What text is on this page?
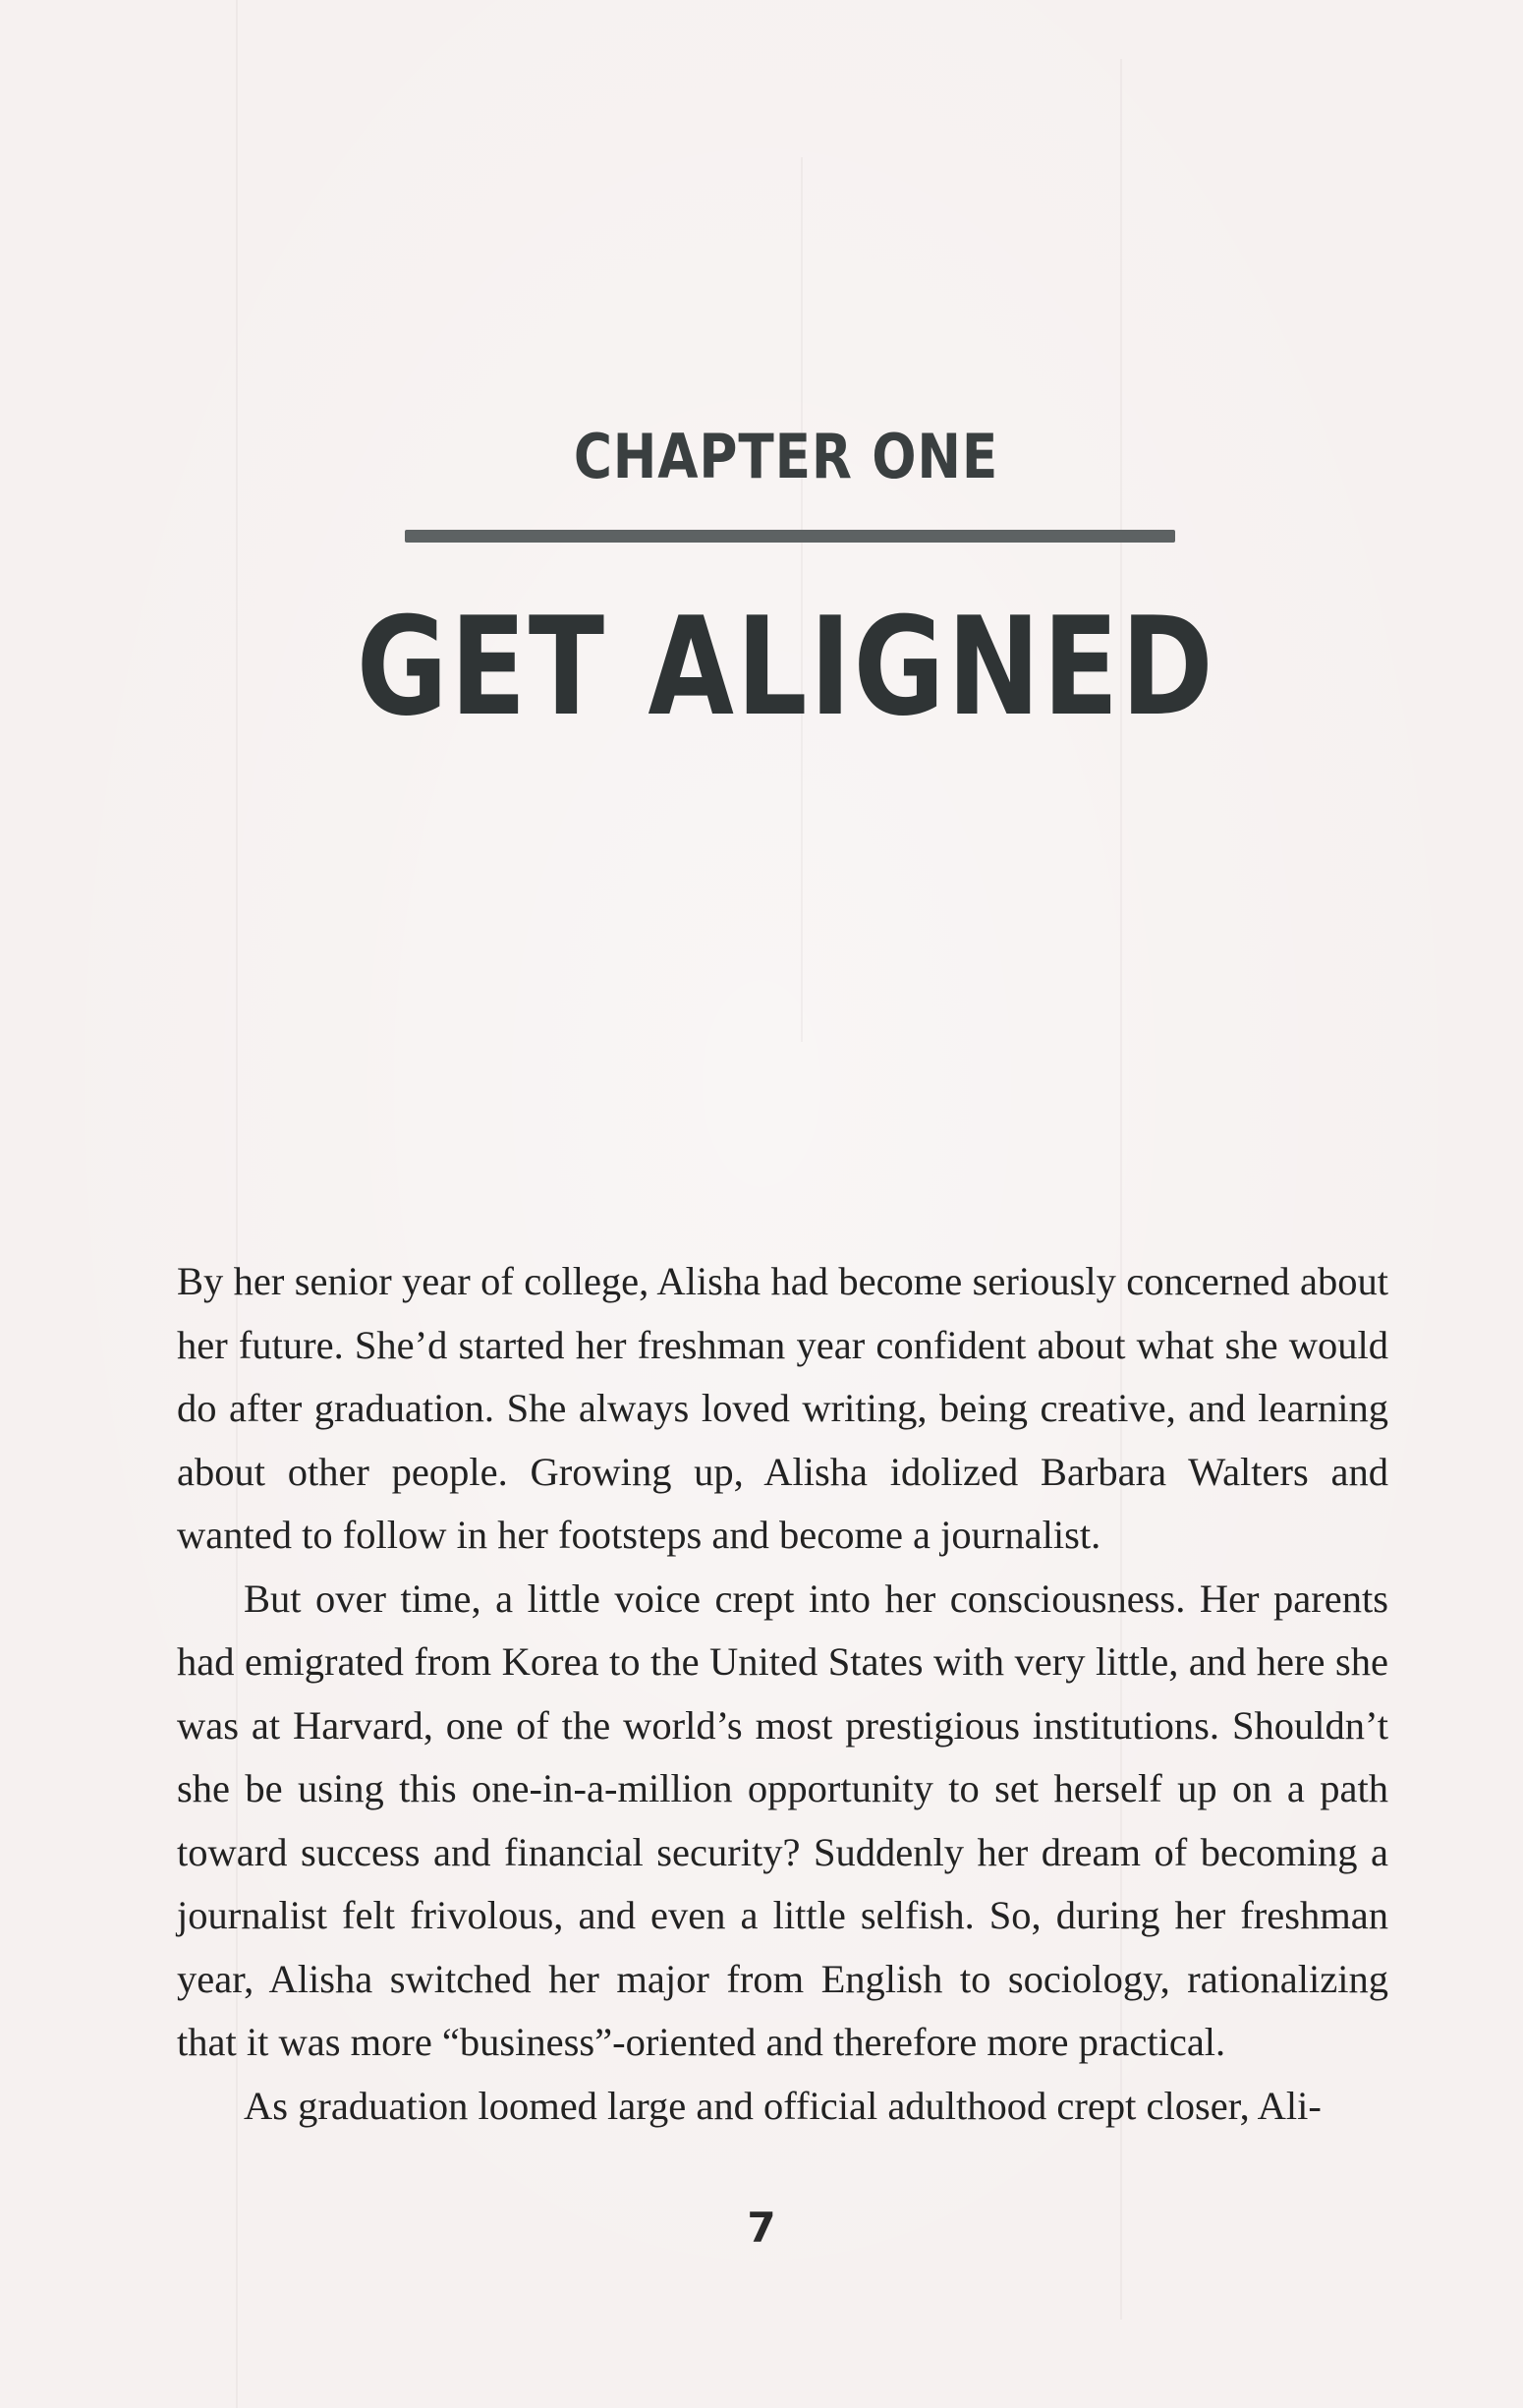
CHAPTER ONE
GET ALIGNED

By her senior year of college, Alisha had become seriously concerned about her future. She’d started her freshman year confident about what she would do after graduation. She always loved writing, being creative, and learning about other people. Growing up, Alisha idolized Barbara Walters and wanted to follow in her footsteps and become a journalist.

But over time, a little voice crept into her consciousness. Her parents had emigrated from Korea to the United States with very little, and here she was at Harvard, one of the world’s most prestigious institutions. Shouldn’t she be using this one-in-a-million opportunity to set herself up on a path toward success and financial security? Suddenly her dream of becoming a journalist felt frivolous, and even a little selfish. So, during her freshman year, Alisha switched her major from English to sociology, rationalizing that it was more “business”-oriented and therefore more practical.

As graduation loomed large and official adulthood crept closer, Ali-

7
